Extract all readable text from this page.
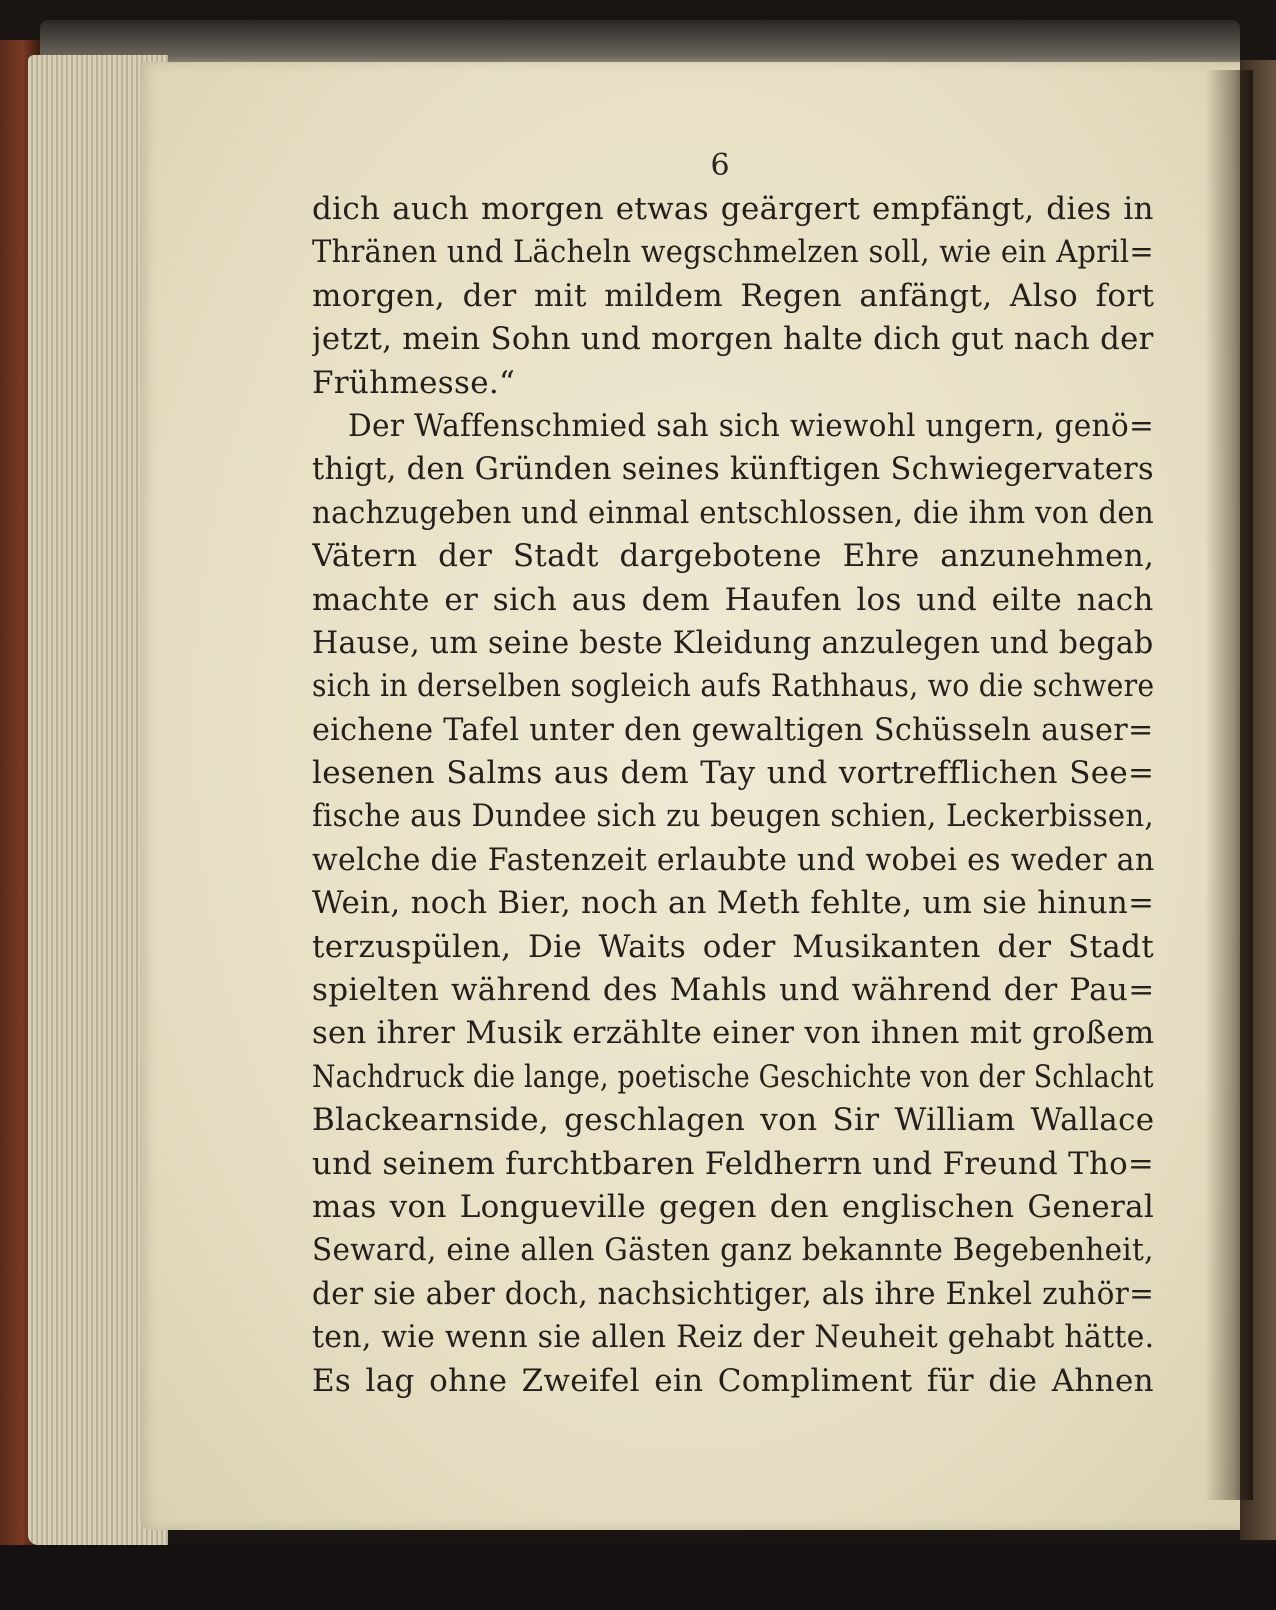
6
dich auch morgen etwas geärgert empfängt, dies in
Thränen und Lächeln wegschmelzen soll, wie ein April=
morgen, der mit mildem Regen anfängt, Also fort
jetzt, mein Sohn und morgen halte dich gut nach der
Frühmesse.“
Der Waffenschmied sah sich wiewohl ungern, genö=
thigt, den Gründen seines künftigen Schwiegervaters
nachzugeben und einmal entschlossen, die ihm von den
Vätern der Stadt dargebotene Ehre anzunehmen,
machte er sich aus dem Haufen los und eilte nach
Hause, um seine beste Kleidung anzulegen und begab
sich in derselben sogleich aufs Rathhaus, wo die schwere
eichene Tafel unter den gewaltigen Schüsseln auser=
lesenen Salms aus dem Tay und vortrefflichen See=
fische aus Dundee sich zu beugen schien, Leckerbissen,
welche die Fastenzeit erlaubte und wobei es weder an
Wein, noch Bier, noch an Meth fehlte, um sie hinun=
terzuspülen, Die Waits oder Musikanten der Stadt
spielten während des Mahls und während der Pau=
sen ihrer Musik erzählte einer von ihnen mit großem
Nachdruck die lange, poetische Geschichte von der Schlacht
Blackearnside, geschlagen von Sir William Wallace
und seinem furchtbaren Feldherrn und Freund Tho=
mas von Longueville gegen den englischen General
Seward, eine allen Gästen ganz bekannte Begebenheit,
der sie aber doch, nachsichtiger, als ihre Enkel zuhör=
ten, wie wenn sie allen Reiz der Neuheit gehabt hätte.
Es lag ohne Zweifel ein Compliment für die Ahnen
